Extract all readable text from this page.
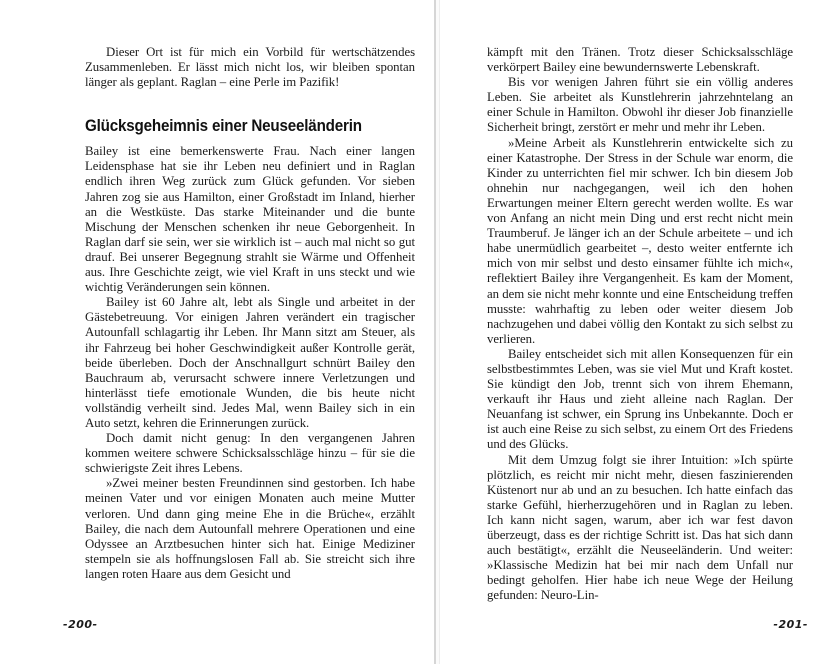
Dieser Ort ist für mich ein Vorbild für wertschätzendes Zusammenleben. Er lässt mich nicht los, wir bleiben spontan länger als geplant. Raglan – eine Perle im Pazifik!

Glücksgeheimnis einer Neuseeländerin

Bailey ist eine bemerkenswerte Frau. Nach einer langen Leidensphase hat sie ihr Leben neu definiert und in Raglan endlich ihren Weg zurück zum Glück gefunden. Vor sieben Jahren zog sie aus Hamilton, einer Großstadt im Inland, hierher an die Westküste. Das starke Miteinander und die bunte Mischung der Menschen schenken ihr neue Geborgenheit. In Raglan darf sie sein, wer sie wirklich ist – auch mal nicht so gut drauf. Bei unserer Begegnung strahlt sie Wärme und Offenheit aus. Ihre Geschichte zeigt, wie viel Kraft in uns steckt und wie wichtig Veränderungen sein können.

Bailey ist 60 Jahre alt, lebt als Single und arbeitet in der Gästebetreuung. Vor einigen Jahren verändert ein tragischer Autounfall schlagartig ihr Leben. Ihr Mann sitzt am Steuer, als ihr Fahrzeug bei hoher Geschwindigkeit außer Kontrolle gerät, beide überleben. Doch der Anschnallgurt schnürt Bailey den Bauchraum ab, verursacht schwere innere Verletzungen und hinterlässt tiefe emotionale Wunden, die bis heute nicht vollständig verheilt sind. Jedes Mal, wenn Bailey sich in ein Auto setzt, kehren die Erinnerungen zurück.

Doch damit nicht genug: In den vergangenen Jahren kommen weitere schwere Schicksalsschläge hinzu – für sie die schwierigste Zeit ihres Lebens.

»Zwei meiner besten Freundinnen sind gestorben. Ich habe meinen Vater und vor einigen Monaten auch meine Mutter verloren. Und dann ging meine Ehe in die Brüche«, erzählt Bailey, die nach dem Autounfall mehrere Operationen und eine Odyssee an Arztbesuchen hinter sich hat. Einige Mediziner stempeln sie als hoffnungslosen Fall ab. Sie streicht sich ihre langen roten Haare aus dem Gesicht und

-200-

kämpft mit den Tränen. Trotz dieser Schicksalsschläge verkörpert Bailey eine bewundernswerte Lebenskraft.

Bis vor wenigen Jahren führt sie ein völlig anderes Leben. Sie arbeitet als Kunstlehrerin jahrzehntelang an einer Schule in Hamilton. Obwohl ihr dieser Job finanzielle Sicherheit bringt, zerstört er mehr und mehr ihr Leben.

»Meine Arbeit als Kunstlehrerin entwickelte sich zu einer Katastrophe. Der Stress in der Schule war enorm, die Kinder zu unterrichten fiel mir schwer. Ich bin diesem Job ohnehin nur nachgegangen, weil ich den hohen Erwartungen meiner Eltern gerecht werden wollte. Es war von Anfang an nicht mein Ding und erst recht nicht mein Traumberuf. Je länger ich an der Schule arbeitete – und ich habe unermüdlich gearbeitet –, desto weiter entfernte ich mich von mir selbst und desto einsamer fühlte ich mich«, reflektiert Bailey ihre Vergangenheit. Es kam der Moment, an dem sie nicht mehr konnte und eine Entscheidung treffen musste: wahrhaftig zu leben oder weiter diesem Job nachzugehen und dabei völlig den Kontakt zu sich selbst zu verlieren.

Bailey entscheidet sich mit allen Konsequenzen für ein selbstbestimmtes Leben, was sie viel Mut und Kraft kostet. Sie kündigt den Job, trennt sich von ihrem Ehemann, verkauft ihr Haus und zieht alleine nach Raglan. Der Neuanfang ist schwer, ein Sprung ins Unbekannte. Doch er ist auch eine Reise zu sich selbst, zu einem Ort des Friedens und des Glücks.

Mit dem Umzug folgt sie ihrer Intuition: »Ich spürte plötzlich, es reicht mir nicht mehr, diesen faszinierenden Küstenort nur ab und an zu besuchen. Ich hatte einfach das starke Gefühl, hierherzugehören und in Raglan zu leben. Ich kann nicht sagen, warum, aber ich war fest davon überzeugt, dass es der richtige Schritt ist. Das hat sich dann auch bestätigt«, erzählt die Neuseeländerin. Und weiter: »Klassische Medizin hat bei mir nach dem Unfall nur bedingt geholfen. Hier habe ich neue Wege der Heilung gefunden: Neuro-Lin-

-201-
